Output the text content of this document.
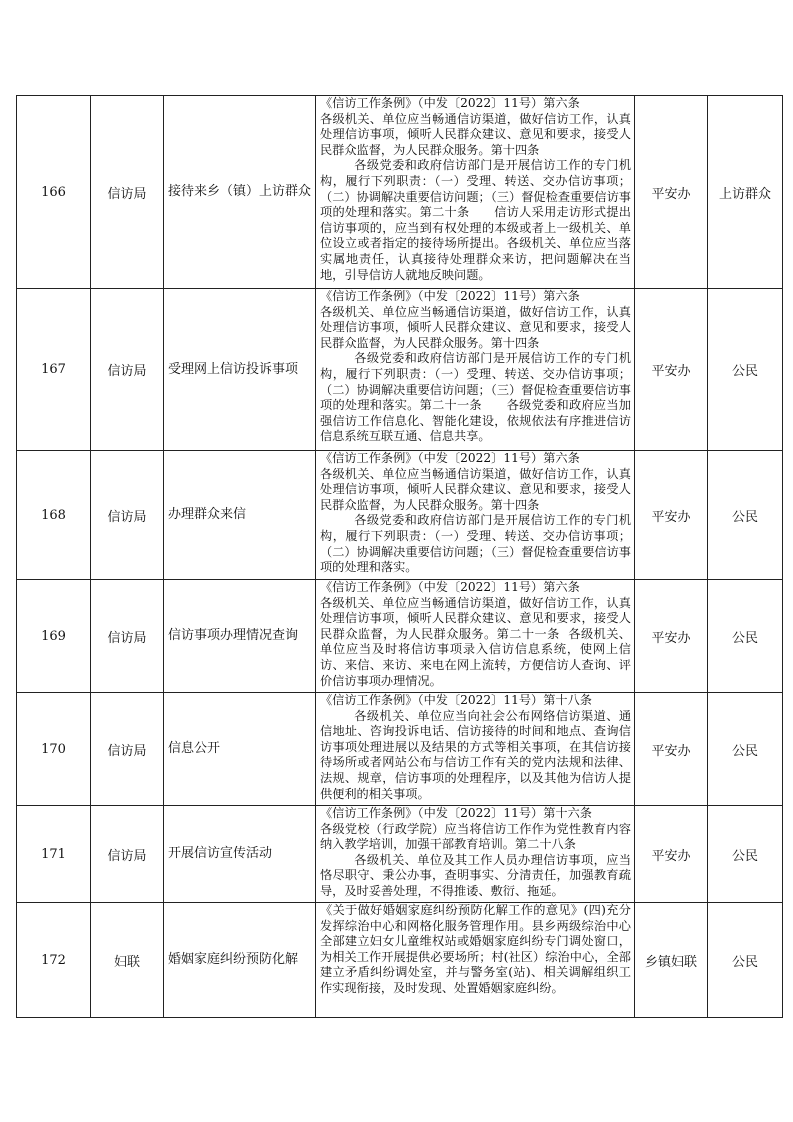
166	信访局	接待来乡（镇）上访群众	《信访工作条例》（中发〔2022〕11号）第六条
各级机关、单位应当畅通信访渠道，做好信访工作，认真处理信访事项，倾听人民群众建议、意见和要求，接受人民群众监督，为人民群众服务。第十四条
各级党委和政府信访部门是开展信访工作的专门机构，履行下列职责：（一）受理、转送、交办信访事项；（二）协调解决重要信访问题；（三）督促检查重要信访事项的处理和落实。第二十条      信访人采用走访形式提出信访事项的，应当到有权处理的本级或者上一级机关、单位设立或者指定的接待场所提出。各级机关、单位应当落实属地责任，认真接待处理群众来访，把问题解决在当地，引导信访人就地反映问题。	平安办	上访群众
167	信访局	受理网上信访投诉事项	《信访工作条例》（中发〔2022〕11号）第六条
各级机关、单位应当畅通信访渠道，做好信访工作，认真处理信访事项，倾听人民群众建议、意见和要求，接受人民群众监督，为人民群众服务。第十四条
各级党委和政府信访部门是开展信访工作的专门机构，履行下列职责：（一）受理、转送、交办信访事项；（二）协调解决重要信访问题；（三）督促检查重要信访事项的处理和落实。第二十一条      各级党委和政府应当加强信访工作信息化、智能化建设，依规依法有序推进信访信息系统互联互通、信息共享。	平安办	公民
168	信访局	办理群众来信	《信访工作条例》（中发〔2022〕11号）第六条
各级机关、单位应当畅通信访渠道，做好信访工作，认真处理信访事项，倾听人民群众建议、意见和要求，接受人民群众监督，为人民群众服务。第十四条
各级党委和政府信访部门是开展信访工作的专门机构，履行下列职责：（一）受理、转送、交办信访事项；（二）协调解决重要信访问题；（三）督促检查重要信访事项的处理和落实。	平安办	公民
169	信访局	信访事项办理情况查询	《信访工作条例》（中发〔2022〕11号）第六条
各级机关、单位应当畅通信访渠道，做好信访工作，认真处理信访事项，倾听人民群众建议、意见和要求，接受人民群众监督，为人民群众服务。第二十一条  各级机关、单位应当及时将信访事项录入信访信息系统，使网上信访、来信、来访、来电在网上流转，方便信访人查询、评价信访事项办理情况。	平安办	公民
170	信访局	信息公开	《信访工作条例》（中发〔2022〕11号）第十八条
各级机关、单位应当向社会公布网络信访渠道、通信地址、咨询投诉电话、信访接待的时间和地点、查询信访事项处理进展以及结果的方式等相关事项，在其信访接待场所或者网站公布与信访工作有关的党内法规和法律、法规、规章，信访事项的处理程序，以及其他为信访人提供便利的相关事项。	平安办	公民
171	信访局	开展信访宣传活动	《信访工作条例》（中发〔2022〕11号）第十六条
各级党校（行政学院）应当将信访工作作为党性教育内容纳入教学培训，加强干部教育培训。第二十八条
各级机关、单位及其工作人员办理信访事项，应当恪尽职守、秉公办事，查明事实、分清责任，加强教育疏导，及时妥善处理，不得推诿、敷衍、拖延。	平安办	公民
172	妇联	婚姻家庭纠纷预防化解	《关于做好婚姻家庭纠纷预防化解工作的意见》(四)充分发挥综治中心和网格化服务管理作用。县乡两级综治中心全部建立妇女儿童维权站或婚姻家庭纠纷专门调处窗口，为相关工作开展提供必要场所；村(社区）综治中心，全部建立矛盾纠纷调处室，并与警务室(站)、相关调解组织工作实现衔接，及时发现、处置婚姻家庭纠纷。	乡镇妇联	公民
